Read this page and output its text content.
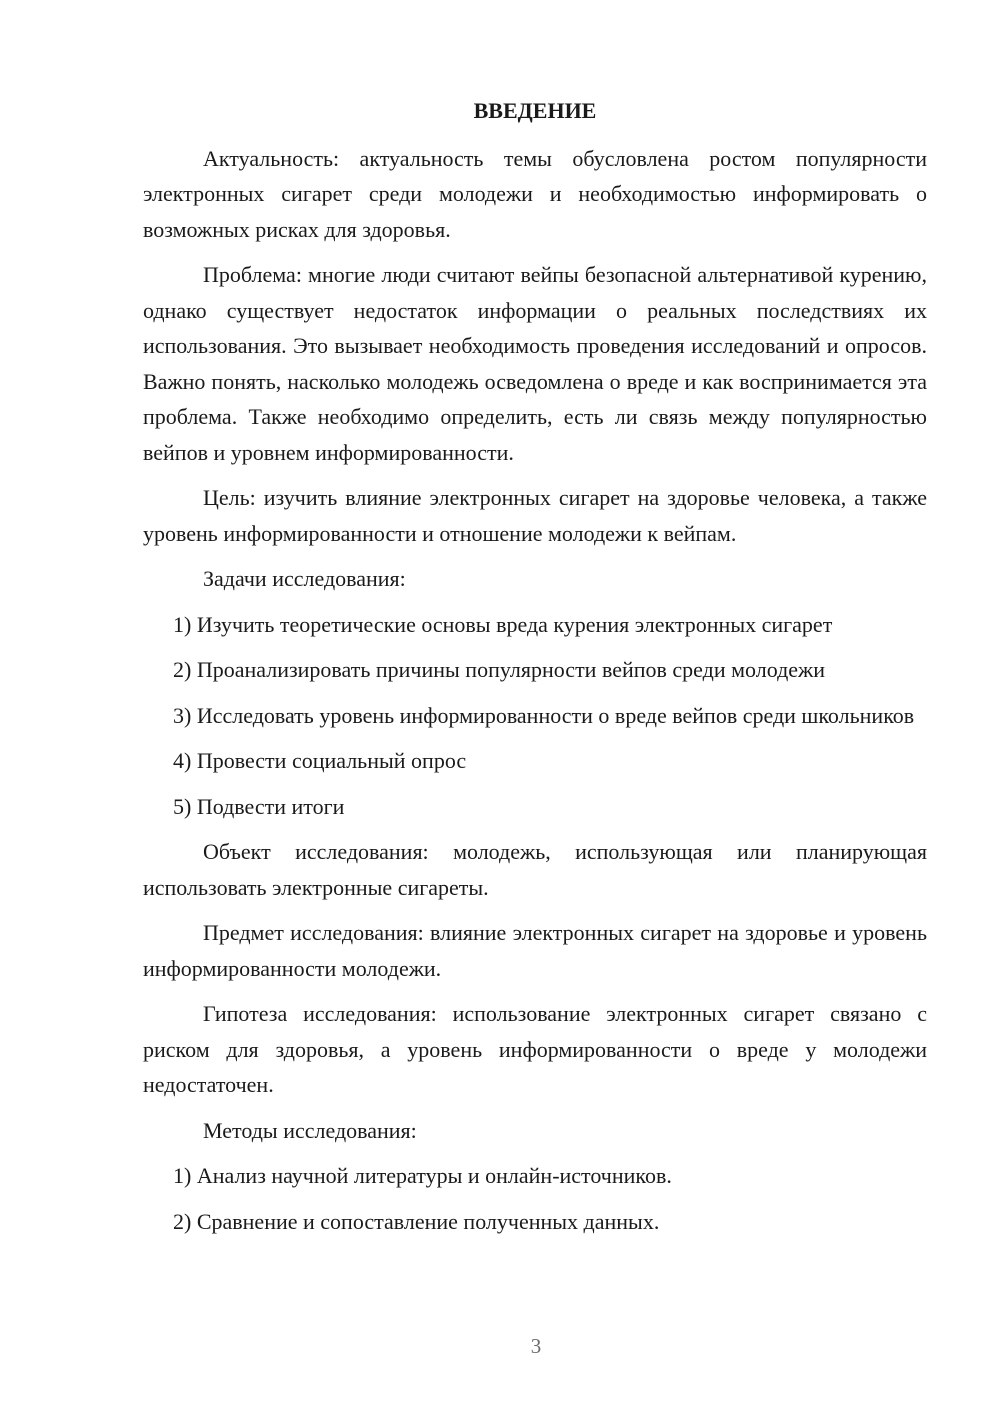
ВВЕДЕНИЕ

Актуальность: актуальность темы обусловлена ростом популярности электронных сигарет среди молодежи и необходимостью информировать о возможных рисках для здоровья.

Проблема: многие люди считают вейпы безопасной альтернативой курению, однако существует недостаток информации о реальных последствиях их использования. Это вызывает необходимость проведения исследований и опросов. Важно понять, насколько молодежь осведомлена о вреде и как воспринимается эта проблема. Также необходимо определить, есть ли связь между популярностью вейпов и уровнем информированности.

Цель: изучить влияние электронных сигарет на здоровье человека, а также уровень информированности и отношение молодежи к вейпам.

Задачи исследования:

1) Изучить теоретические основы вреда курения электронных сигарет

2) Проанализировать причины популярности вейпов среди молодежи

3) Исследовать уровень информированности о вреде вейпов среди школьников

4) Провести социальный опрос

5) Подвести итоги

Объект исследования: молодежь, использующая или планирующая использовать электронные сигареты.

Предмет исследования: влияние электронных сигарет на здоровье и уровень информированности молодежи.

Гипотеза исследования: использование электронных сигарет связано с риском для здоровья, а уровень информированности о вреде у молодежи недостаточен.

Методы исследования:

1) Анализ научной литературы и онлайн-источников.

2) Сравнение и сопоставление полученных данных.

3
